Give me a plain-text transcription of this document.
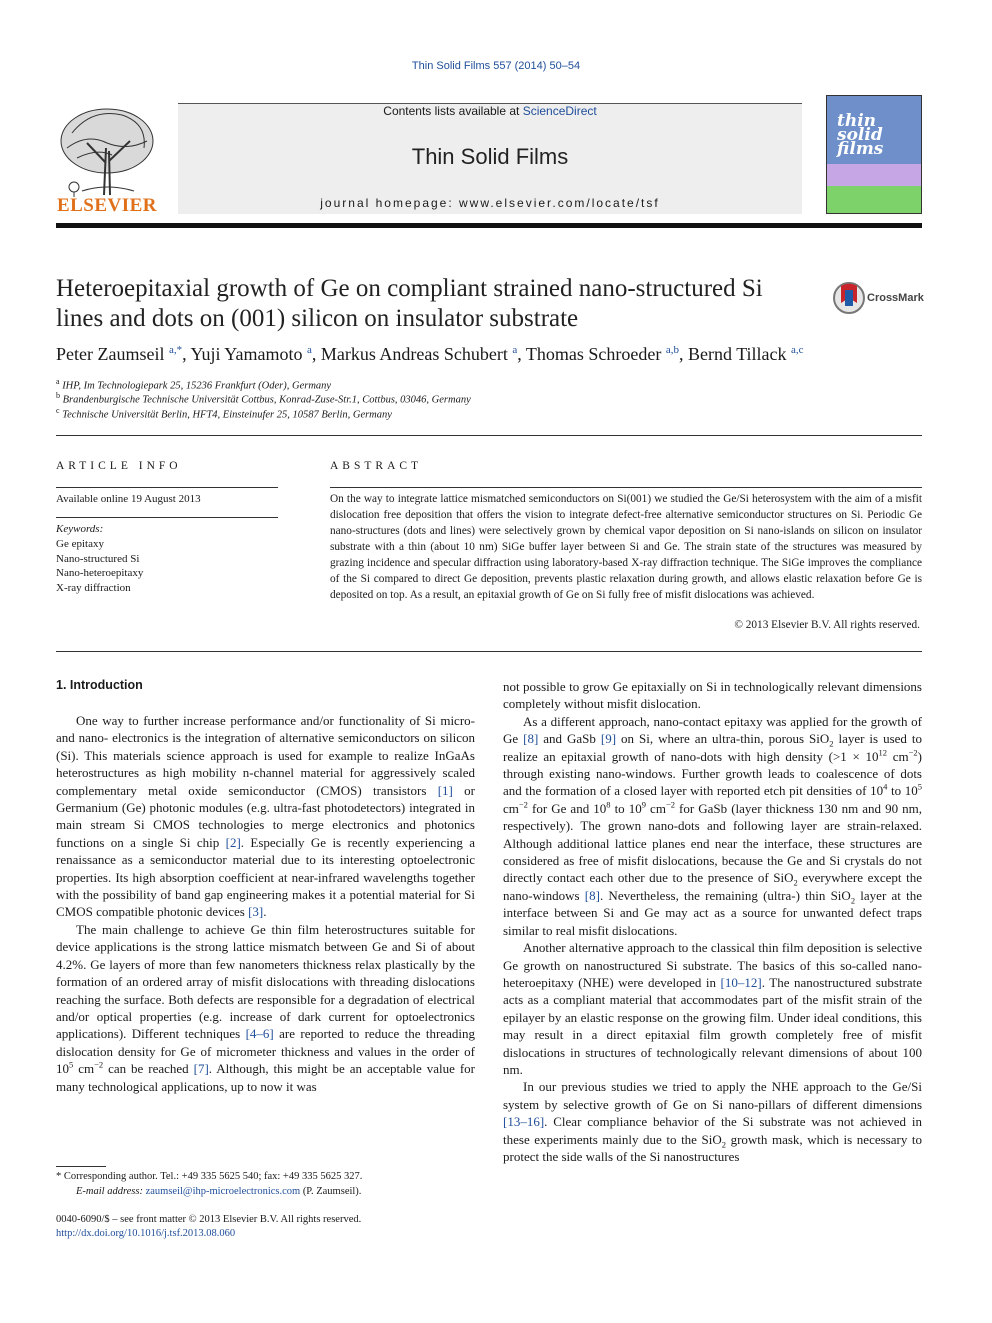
Thin Solid Films 557 (2014) 50–54
ELSEVIER
Contents lists available at ScienceDirect
Thin Solid Films
journal homepage: www.elsevier.com/locate/tsf
thin solid films
Heteroepitaxial growth of Ge on compliant strained nano-structured Si lines and dots on (001) silicon on insulator substrate
CrossMark
Peter Zaumseil $^{a,*}$, Yuji Yamamoto $^a$, Markus Andreas Schubert $^a$, Thomas Schroeder $^{a,b}$, Bernd Tillack $^{a,c}$
$^a$ IHP, Im Technologiepark 25, 15236 Frankfurt (Oder), Germany
$^b$ Brandenburgische Technische Universität Cottbus, Konrad-Zuse-Str.1, Cottbus, 03046, Germany
$^c$ Technische Universität Berlin, HFT4, Einsteinufer 25, 10587 Berlin, Germany
ARTICLE INFO
Available online 19 August 2013
Keywords:
Ge epitaxy
Nano-structured Si
Nano-heteroepitaxy
X-ray diffraction
ABSTRACT
On the way to integrate lattice mismatched semiconductors on Si(001) we studied the Ge/Si heterosystem with the aim of a misfit dislocation free deposition that offers the vision to integrate defect-free alternative semiconductor structures on Si. Periodic Ge nano-structures (dots and lines) were selectively grown by chemical vapor deposition on Si nano-islands on silicon on insulator substrate with a thin (about 10 nm) SiGe buffer layer between Si and Ge. The strain state of the structures was measured by grazing incidence and specular diffraction using laboratory-based X-ray diffraction technique. The SiGe improves the compliance of the Si compared to direct Ge deposition, prevents plastic relaxation during growth, and allows elastic relaxation before Ge is deposited on top. As a result, an epitaxial growth of Ge on Si fully free of misfit dislocations was achieved.
© 2013 Elsevier B.V. All rights reserved.
1. Introduction

One way to further increase performance and/or functionality of Si micro- and nano- electronics is the integration of alternative semiconductors on silicon (Si). This materials science approach is used for example to realize InGaAs heterostructures as high mobility n-channel material for aggressively scaled complementary metal oxide semiconductor (CMOS) transistors [1] or Germanium (Ge) photonic modules (e.g. ultra-fast photodetectors) integrated in main stream Si CMOS technologies to merge electronics and photonics functions on a single Si chip [2]. Especially Ge is recently experiencing a renaissance as a semiconductor material due to its interesting optoelectronic properties. Its high absorption coefficient at near-infrared wavelengths together with the possibility of band gap engineering makes it a potential material for Si CMOS compatible photonic devices [3].

The main challenge to achieve Ge thin film heterostructures suitable for device applications is the strong lattice mismatch between Ge and Si of about 4.2%. Ge layers of more than few nanometers thickness relax plastically by the formation of an ordered array of misfit dislocations with threading dislocations reaching the surface. Both defects are responsible for a degradation of electrical and/or optical properties (e.g. increase of dark current for optoelectronics applications). Different techniques [4–6] are reported to reduce the threading dislocation density for Ge of micrometer thickness and values in the order of $10^5$ $cm^{-2}$ can be reached [7]. Although, this might be an acceptable value for many technological applications, up to now it was

not possible to grow Ge epitaxially on Si in technologically relevant dimensions completely without misfit dislocation.

As a different approach, nano-contact epitaxy was applied for the growth of Ge [8] and GaSb [9] on Si, where an ultra-thin, porous SiO$_2$ layer is used to realize an epitaxial growth of nano-dots with high density ($>1 \times 10^{12}$ $cm^{-2}$) through existing nano-windows. Further growth leads to coalescence of dots and the formation of a closed layer with reported etch pit densities of $10^4$ to $10^5$ $cm^{-2}$ for Ge and $10^8$ to $10^9$ $cm^{-2}$ for GaSb (layer thickness 130 nm and 90 nm, respectively). The grown nano-dots and following layer are strain-relaxed. Although additional lattice planes end near the interface, these structures are considered as free of misfit dislocations, because the Ge and Si crystals do not directly contact each other due to the presence of SiO$_2$ everywhere except the nano-windows [8]. Nevertheless, the remaining (ultra-) thin SiO$_2$ layer at the interface between Si and Ge may act as a source for unwanted defect traps similar to real misfit dislocations.

Another alternative approach to the classical thin film deposition is selective Ge growth on nanostructured Si substrate. The basics of this so-called nano-heteroepitaxy (NHE) were developed in [10–12]. The nanostructured substrate acts as a compliant material that accommodates part of the misfit strain of the epilayer by an elastic response on the growing film. Under ideal conditions, this may result in a direct epitaxial film growth completely free of misfit dislocations in structures of technologically relevant dimensions of about 100 nm.

In our previous studies we tried to apply the NHE approach to the Ge/Si system by selective growth of Ge on Si nano-pillars of different dimensions [13–16]. Clear compliance behavior of the Si substrate was not achieved in these experiments mainly due to the SiO$_2$ growth mask, which is necessary to protect the side walls of the Si nanostructures

* Corresponding author. Tel.: +49 335 5625 540; fax: +49 335 5625 327.
E-mail address: zaumseil@ihp-microelectronics.com (P. Zaumseil).
0040-6090/$ – see front matter © 2013 Elsevier B.V. All rights reserved.
http://dx.doi.org/10.1016/j.tsf.2013.08.060
